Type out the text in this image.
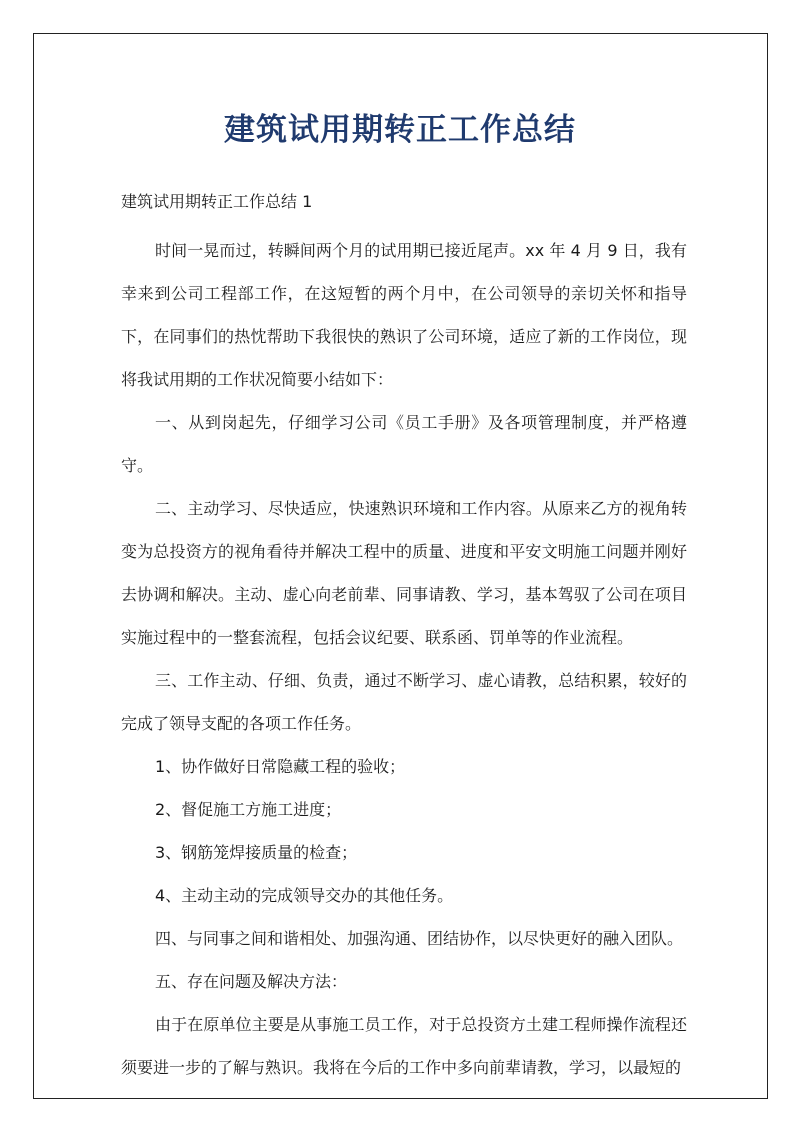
建筑试用期转正工作总结

建筑试用期转正工作总结 1

时间一晃而过，转瞬间两个月的试用期已接近尾声。xx 年 4 月 9 日，我有幸来到公司工程部工作，在这短暂的两个月中，在公司领导的亲切关怀和指导下，在同事们的热忱帮助下我很快的熟识了公司环境，适应了新的工作岗位，现将我试用期的工作状况简要小结如下：

一、从到岗起先，仔细学习公司《员工手册》及各项管理制度，并严格遵守。

二、主动学习、尽快适应，快速熟识环境和工作内容。从原来乙方的视角转变为总投资方的视角看待并解决工程中的质量、进度和平安文明施工问题并刚好去协调和解决。主动、虚心向老前辈、同事请教、学习，基本驾驭了公司在项目实施过程中的一整套流程，包括会议纪要、联系函、罚单等的作业流程。

三、工作主动、仔细、负责，通过不断学习、虚心请教，总结积累，较好的完成了领导支配的各项工作任务。

1、协作做好日常隐藏工程的验收；

2、督促施工方施工进度；

3、钢筋笼焊接质量的检查；

4、主动主动的完成领导交办的其他任务。

四、与同事之间和谐相处、加强沟通、团结协作，以尽快更好的融入团队。

五、存在问题及解决方法：

由于在原单位主要是从事施工员工作，对于总投资方土建工程师操作流程还须要进一步的了解与熟识。我将在今后的工作中多向前辈请教，学习，以最短的
